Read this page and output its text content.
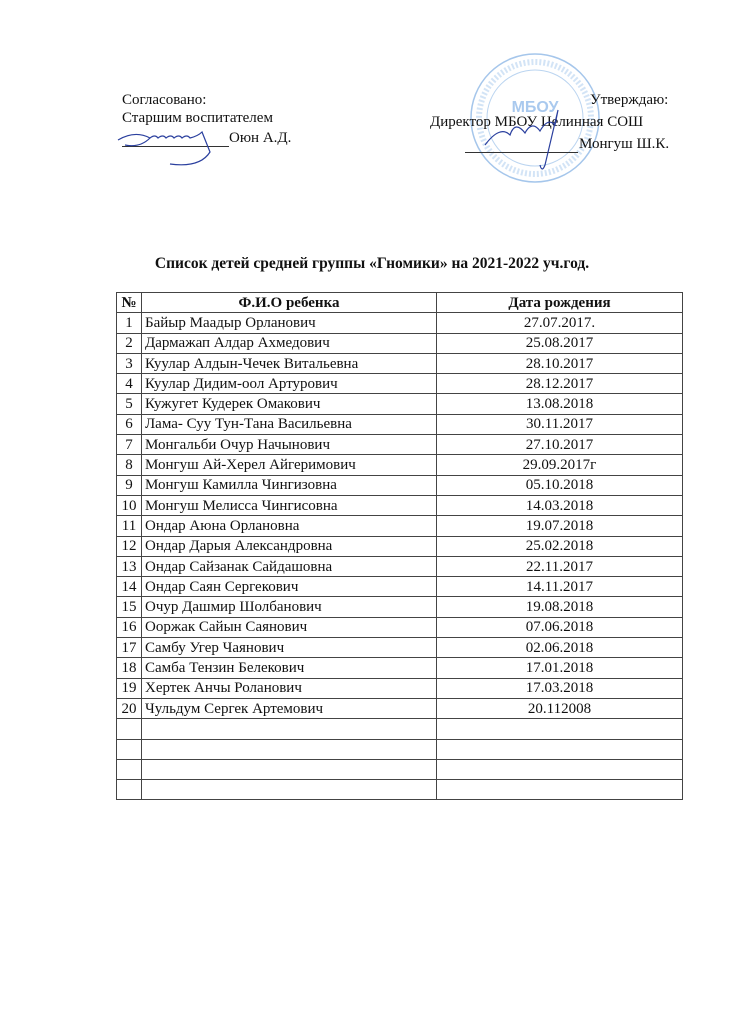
МБОУ
Согласовано:
Старшим воспитателем
Оюн А.Д.
Утверждаю:
Директор МБОУ Целинная СОШ
Монгуш Ш.К.
Список детей средней группы «Гномики» на 2021-2022 уч.год.
№	Ф.И.О ребенка	Дата рождения
1	Байыр Маадыр Орланович	27.07.2017.
2	Дармажап Алдар Ахмедович	25.08.2017
3	Куулар Алдын-Чечек Витальевна	28.10.2017
4	Куулар Дидим-оол Артурович	28.12.2017
5	Кужугет Кудерек Омакович	13.08.2018
6	Лама- Суу Тун-Тана Васильевна	30.11.2017
7	Монгальби Очур Начынович	27.10.2017
8	Монгуш Ай-Херел Айгеримович	29.09.2017г
9	Монгуш Камилла Чингизовна	05.10.2018
10	Монгуш Мелисса Чингисовна	14.03.2018
11	Ондар Аюна Орлановна	19.07.2018
12	Ондар Дарыя Александровна	25.02.2018
13	Ондар Сайзанак Сайдашовна	22.11.2017
14	Ондар Саян Сергекович	14.11.2017
15	Очур Дашмир Шолбанович	19.08.2018
16	Ооржак Сайын Саянович	07.06.2018
17	Самбу Угер Чаянович	02.06.2018
18	Самба Тензин Белекович	17.01.2018
19	Хертек Анчы Роланович	17.03.2018
20	Чульдум Сергек Артемович	20.112008
